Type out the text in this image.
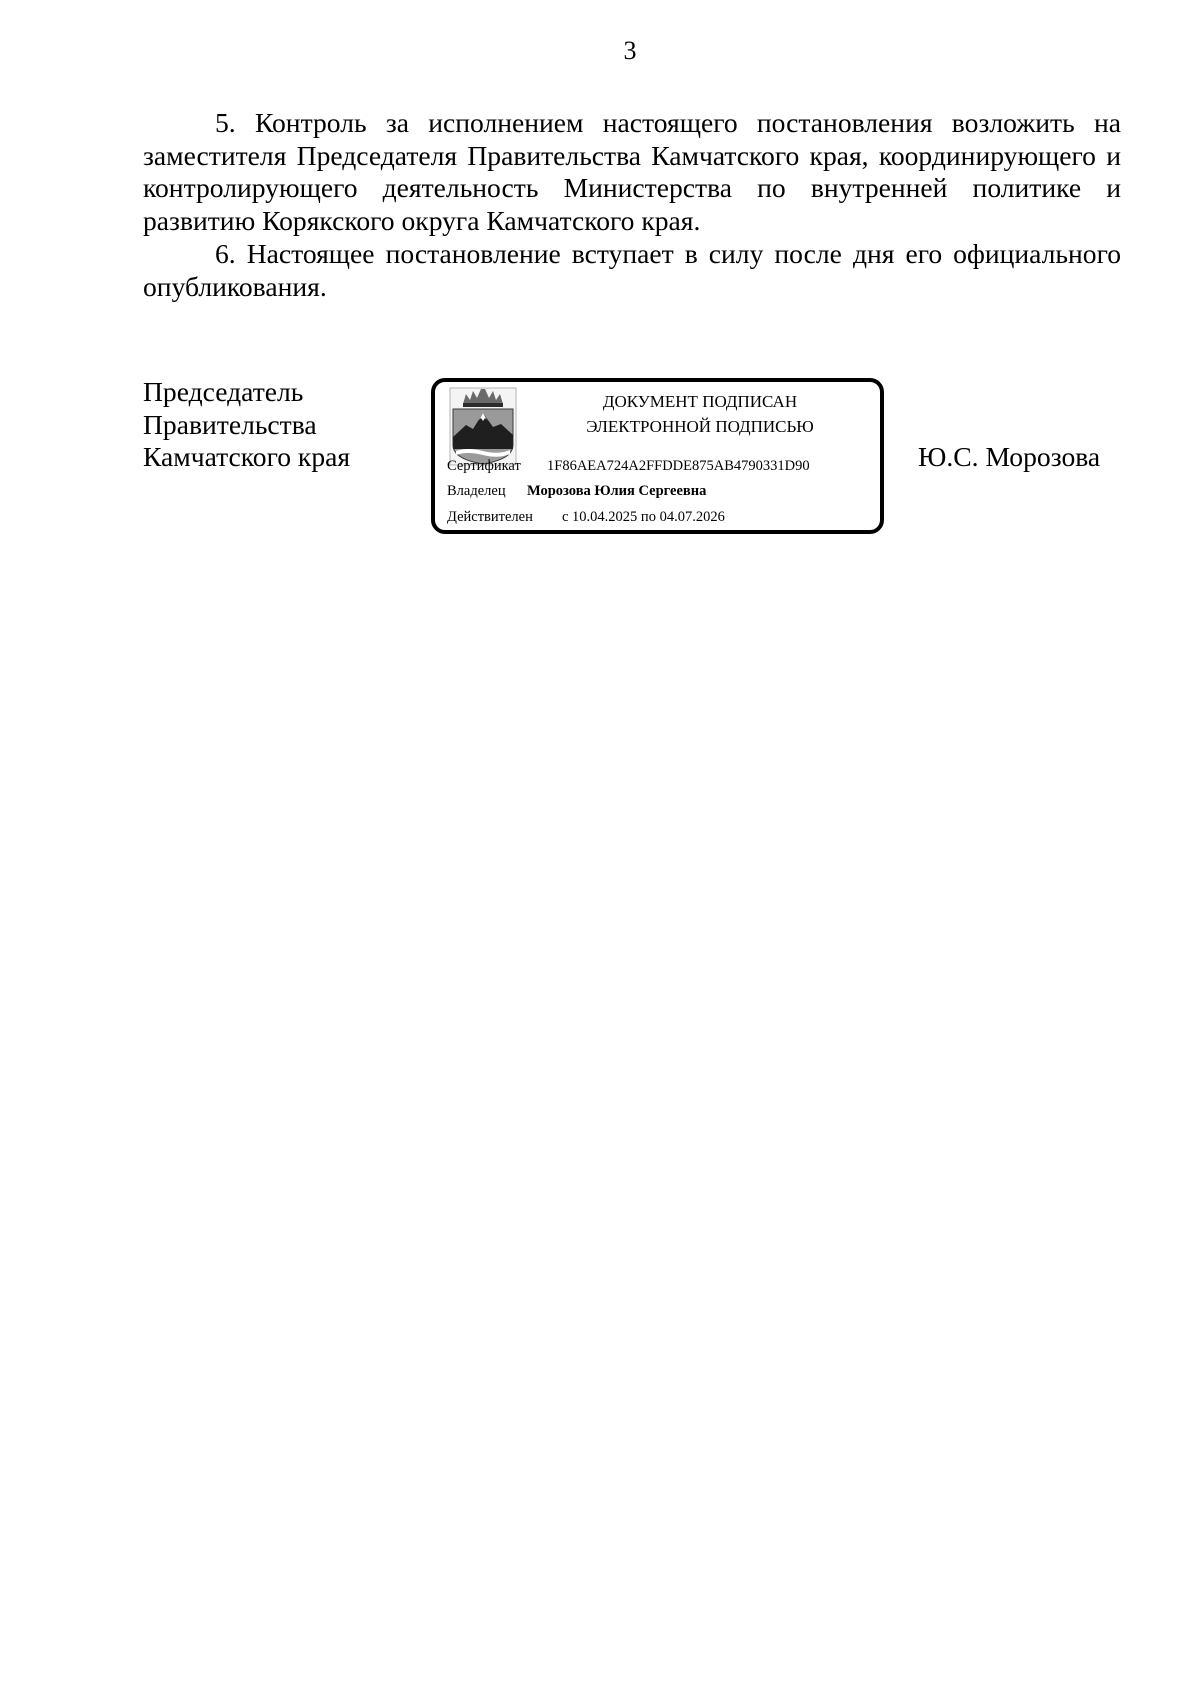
3

5. Контроль за исполнением настоящего постановления возложить на заместителя Председателя Правительства Камчатского края, координирующего и контролирующего деятельность Министерства по внутренней политике и развитию Корякского округа Камчатского края.

6. Настоящее постановление вступает в силу после дня его официального опубликования.

Председатель
Правительства
Камчатского края
ДОКУМЕНТ ПОДПИСАН
ЭЛЕКТРОННОЙ ПОДПИСЬЮ
Сертификат 1F86AEA724A2FFDDE875AB4790331D90
Владелец Морозова Юлия Сергеевна
Действителен с 10.04.2025 по 04.07.2026
Ю.С. Морозова
